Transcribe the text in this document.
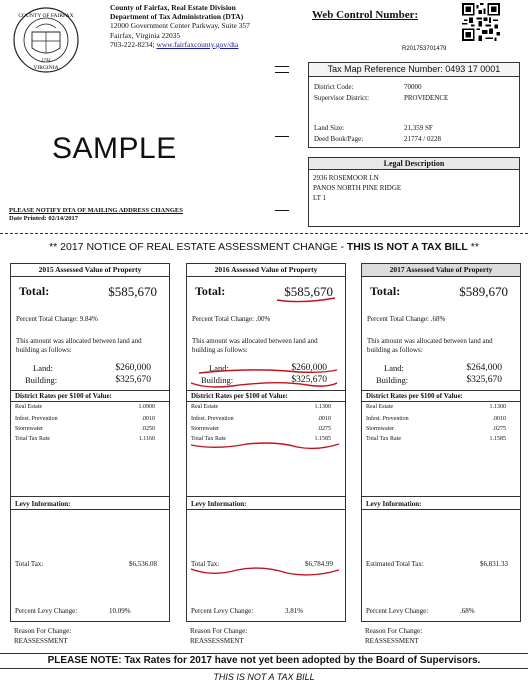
COUNTY OF FAIRFAX
VIRGINIA
1742
County of Fairfax, Real Estate Division
Department of Tax Administration (DTA)
12000 Government Center Parkway, Suite 357
Fairfax, Virginia 22035
703-222-8234; www.fairfaxcounty.gov/dta
Web Control Number:
R201753701479
SAMPLE
PLEASE NOTIFY DTA OF MAILING ADDRESS CHANGES
Date Printed: 02/14/2017
Tax Map Reference Number: 0493 17 0001
District Code:	70000
Supervisor District:	PROVIDENCE
Land Size:	21,359 SF
Deed Book/Page:	21774 / 0228
Legal Description
2936 ROSEMOOR LN
PANOS NORTH PINE RIDGE
LT 1
** 2017 NOTICE OF REAL ESTATE ASSESSMENT CHANGE - THIS IS NOT A TAX BILL **
2015 Assessed Value of Property
Total:	$585,670
Percent Total Change: 9.84%
This amount was allocated between land and building as follows:
Land:	$260,000
Building:	$325,670
District Rates per $100 of Value:
Real Estate	1.0900
Infest. Prevention	.0010
Stormwater	.0250
Total Tax Rate	1.1160
Levy Information:
Total Tax:	$6,536.08
Percent Levy Change:	10.09%
2016 Assessed Value of Property
Total:	$585,670
Percent Total Change: .00%
This amount was allocated between land and building as follows:
Land:	$260,000
Building:	$325,670
District Rates per $100 of Value:
Real Estate	1.1300
Infest. Prevention	.0010
Stormwater	.0275
Total Tax Rate	1.1585
Levy Information:
Total Tax:	$6,784.99
Percent Levy Change:	3.81%
2017 Assessed Value of Property
Total:	$589,670
Percent Total Change: .68%
This amount was allocated between land and building as follows:
Land:	$264,000
Building:	$325,670
District Rates per $100 of Value:
Real Estate	1.1300
Infest. Prevention	.0010
Stormwater	.0275
Total Tax Rate	1.1585
Levy Information:
Estimated Total Tax:	$6,831.33
Percent Levy Change:	.68%
Reason For Change:
REASSESSMENT
Reason For Change:
REASSESSMENT
Reason For Change:
REASSESSMENT
PLEASE NOTE: Tax Rates for 2017 have not yet been adopted by the Board of Supervisors.
THIS IS NOT A TAX BILL
